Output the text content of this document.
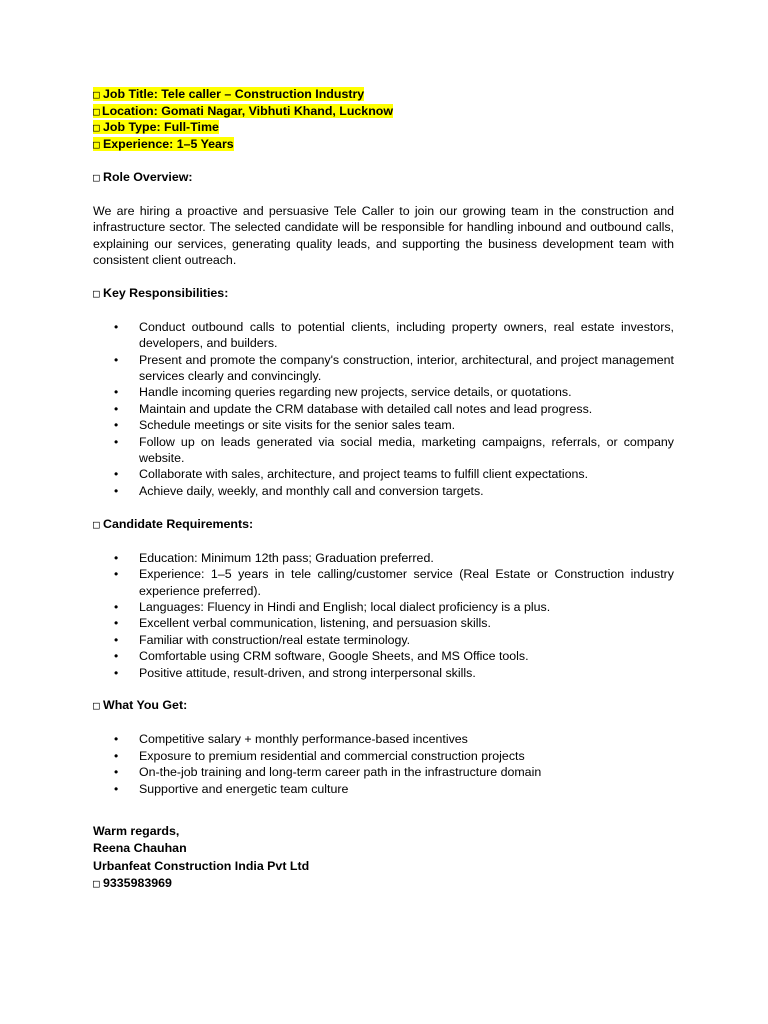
□ Job Title: Tele caller – Construction Industry
□ Location: Gomati Nagar, Vibhuti Khand, Lucknow
□ Job Type: Full-Time
□ Experience: 1–5 Years

□ Role Overview:

We are hiring a proactive and persuasive Tele Caller to join our growing team in the construction and infrastructure sector. The selected candidate will be responsible for handling inbound and outbound calls, explaining our services, generating quality leads, and supporting the business development team with consistent client outreach.

□ Key Responsibilities:

• Conduct outbound calls to potential clients, including property owners, real estate investors, developers, and builders.
• Present and promote the company's construction, interior, architectural, and project management services clearly and convincingly.
• Handle incoming queries regarding new projects, service details, or quotations.
• Maintain and update the CRM database with detailed call notes and lead progress.
• Schedule meetings or site visits for the senior sales team.
• Follow up on leads generated via social media, marketing campaigns, referrals, or company website.
• Collaborate with sales, architecture, and project teams to fulfill client expectations.
• Achieve daily, weekly, and monthly call and conversion targets.

□ Candidate Requirements:

• Education: Minimum 12th pass; Graduation preferred.
• Experience: 1–5 years in tele calling/customer service (Real Estate or Construction industry experience preferred).
• Languages: Fluency in Hindi and English; local dialect proficiency is a plus.
• Excellent verbal communication, listening, and persuasion skills.
• Familiar with construction/real estate terminology.
• Comfortable using CRM software, Google Sheets, and MS Office tools.
• Positive attitude, result-driven, and strong interpersonal skills.

□ What You Get:

• Competitive salary + monthly performance-based incentives
• Exposure to premium residential and commercial construction projects
• On-the-job training and long-term career path in the infrastructure domain
• Supportive and energetic team culture

Warm regards,

Reena Chauhan

Urbanfeat Construction India Pvt Ltd

□ 9335983969
